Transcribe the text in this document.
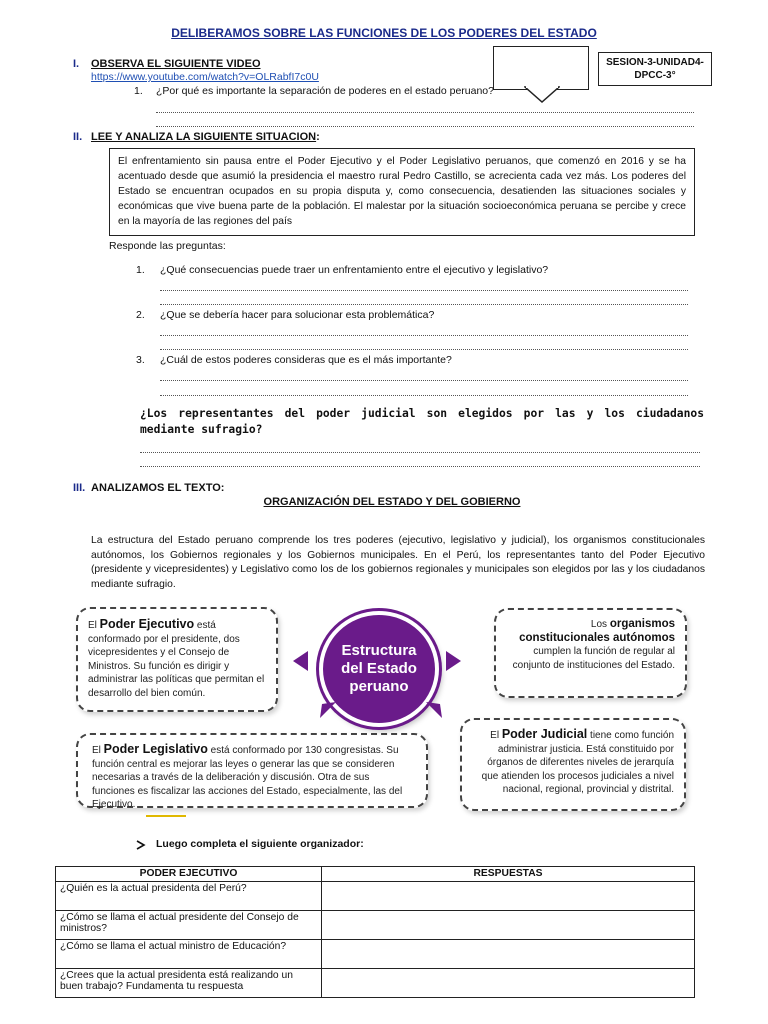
DELIBERAMOS SOBRE LAS FUNCIONES DE LOS PODERES DEL ESTADO
SESION-3-UNIDAD4-
DPCC-3°
I. OBSERVA EL SIGUIENTE VIDEO
https://www.youtube.com/watch?v=OLRabfI7c0U
1. ¿Por qué es importante la separación de poderes en el estado peruano?
II. LEE Y ANALIZA LA SIGUIENTE SITUACION:
El enfrentamiento sin pausa entre el Poder Ejecutivo y el Poder Legislativo peruanos, que comenzó en 2016 y se ha acentuado desde que asumió la presidencia el maestro rural Pedro Castillo, se acrecienta cada vez más. Los poderes del Estado se encuentran ocupados en su propia disputa y, como consecuencia, desatienden las situaciones sociales y económicas que vive buena parte de la población. El malestar por la situación socioeconómica peruana se percibe y crece en la mayoría de las regiones del país
Responde las preguntas:
1. ¿Qué consecuencias puede traer un enfrentamiento entre el ejecutivo y legislativo?
2. ¿Que se debería hacer para solucionar esta problemática?
3. ¿Cuál de estos poderes consideras que es el más importante?
¿Los representantes del poder judicial son elegidos por las y los ciudadanos mediante sufragio?
III. ANALIZAMOS EL TEXTO:
ORGANIZACIÓN DEL ESTADO Y DEL GOBIERNO
La estructura del Estado peruano comprende los tres poderes (ejecutivo, legislativo y judicial), los organismos constitucionales autónomos, los Gobiernos regionales y los Gobiernos municipales. En el Perú, los representantes tanto del Poder Ejecutivo (presidente y vicepresidentes) y Legislativo como los de los gobiernos regionales y municipales son elegidos por las y los ciudadanos mediante sufragio.
El Poder Ejecutivo está conformado por el presidente, dos vicepresidentes y el Consejo de Ministros. Su función es dirigir y administrar las políticas que permitan el desarrollo del bien común.
Los organismos constitucionales autónomos cumplen la función de regular al conjunto de instituciones del Estado.
El Poder Legislativo está conformado por 130 congresistas. Su función central es mejorar las leyes o generar las que se consideren necesarias a través de la deliberación y discusión. Otra de sus funciones es fiscalizar las acciones del Estado, especialmente, las del Ejecutivo.
El Poder Judicial tiene como función administrar justicia. Está constituido por órganos de diferentes niveles de jerarquía que atienden los procesos judiciales a nivel nacional, regional, provincial y distrital.
Estructura del Estado peruano
Luego completa el siguiente organizador:
PODER EJECUTIVO	RESPUESTAS
¿Quién es la actual presidenta del Perú?	
¿Cómo se llama el actual presidente del Consejo de ministros?	
¿Cómo se llama el actual ministro de Educación?	
¿Crees que la actual presidenta está realizando un buen trabajo? Fundamenta tu respuesta	
